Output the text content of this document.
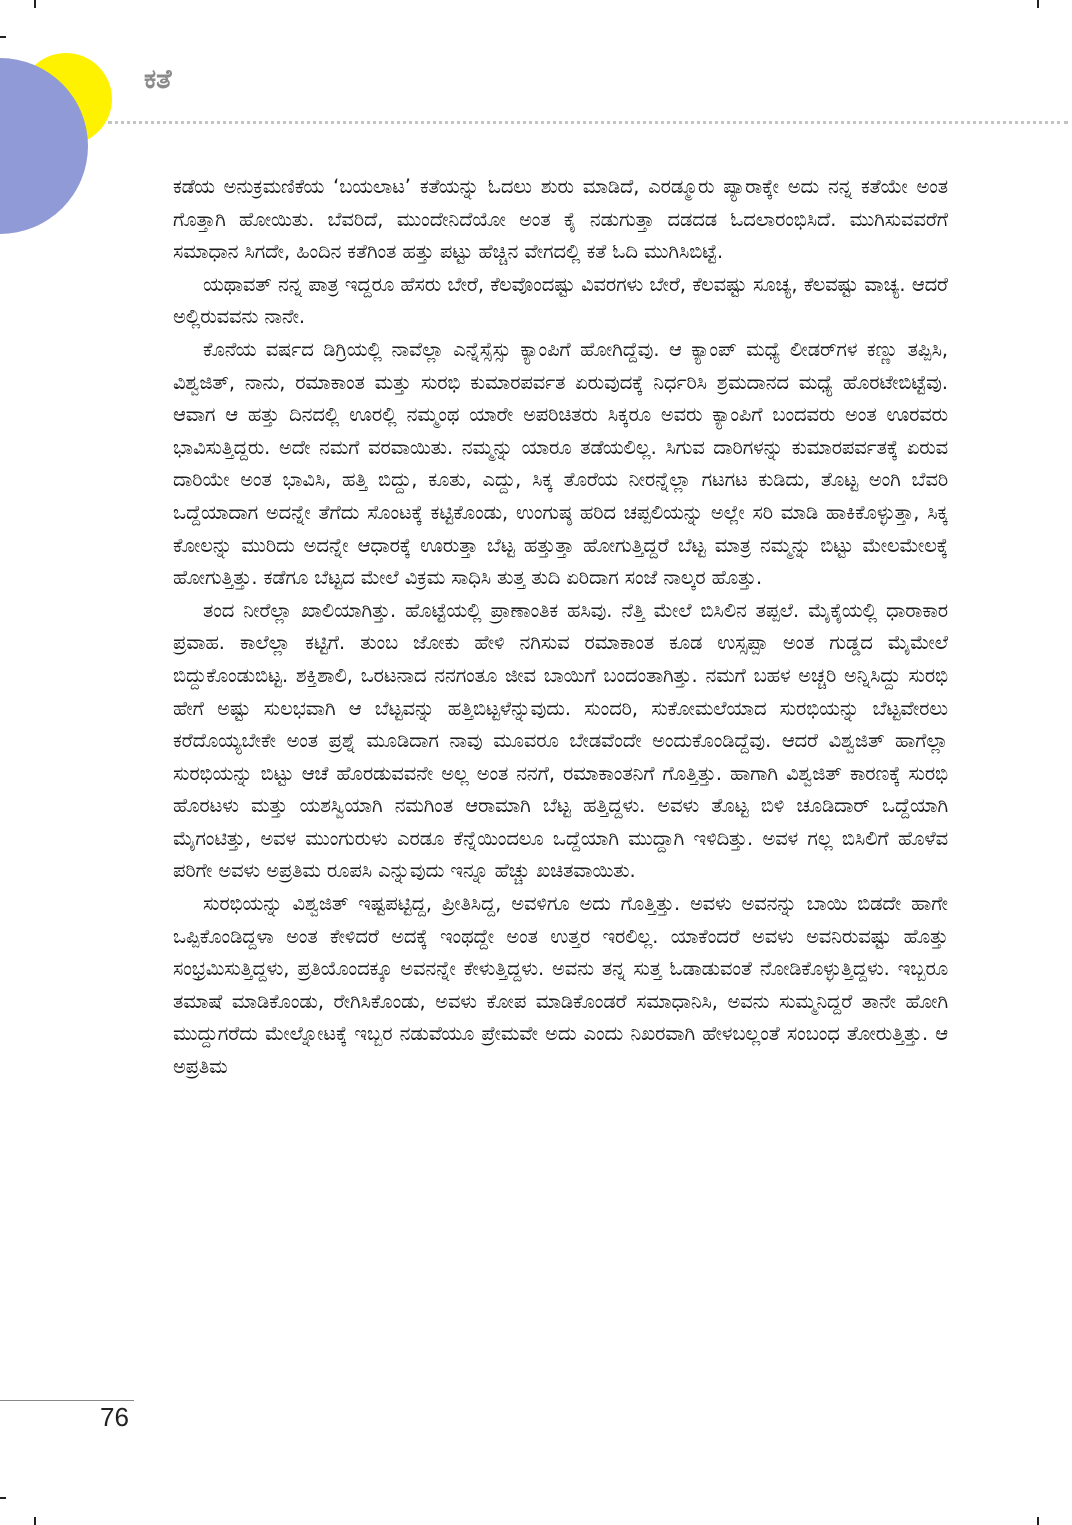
ಕತೆ

ಕಡೆಯ ಅನುಕ್ರಮಣಿಕೆಯ ‘ಬಯಲಾಟ’ ಕತೆಯನ್ನು ಓದಲು ಶುರು ಮಾಡಿದೆ, ಎರಡ್ಮೂರು ಪ್ಯಾರಾಕ್ಕೇ ಅದು ನನ್ನ ಕತೆಯೇ ಅಂತ ಗೊತ್ತಾಗಿ ಹೋಯಿತು. ಬೆವರಿದೆ, ಮುಂದೇನಿದೆಯೋ ಅಂತ ಕೈ ನಡುಗುತ್ತಾ ದಡದಡ ಓದಲಾರಂಭಿಸಿದೆ. ಮುಗಿಸುವವರೆಗೆ ಸಮಾಧಾನ ಸಿಗದೇ, ಹಿಂದಿನ ಕತೆಗಿಂತ ಹತ್ತು ಪಟ್ಟು ಹೆಚ್ಚಿನ ವೇಗದಲ್ಲಿ ಕತೆ ಓದಿ ಮುಗಿಸಿಬಿಟ್ಟೆ.

ಯಥಾವತ್ ನನ್ನ ಪಾತ್ರ ಇದ್ದರೂ ಹೆಸರು ಬೇರೆ, ಕೆಲವೊಂದಷ್ಟು ವಿವರಗಳು ಬೇರೆ, ಕೆಲವಷ್ಟು ಸೂಚ್ಯ, ಕೆಲವಷ್ಟು ವಾಚ್ಯ. ಆದರೆ ಅಲ್ಲಿರುವವನು ನಾನೇ.

ಕೊನೆಯ ವರ್ಷದ ಡಿಗ್ರಿಯಲ್ಲಿ ನಾವೆಲ್ಲಾ ಎನ್ನೆಸ್ಸೆಸ್ಸು ಕ್ಯಾಂಪಿಗೆ ಹೋಗಿದ್ದೆವು. ಆ ಕ್ಯಾಂಪ್ ಮಧ್ಯೆ ಲೀಡರ್‌ಗಳ ಕಣ್ಣು ತಪ್ಪಿಸಿ, ವಿಶ್ವಜಿತ್, ನಾನು, ರಮಾಕಾಂತ ಮತ್ತು ಸುರಭಿ ಕುಮಾರಪರ್ವತ ಏರುವುದಕ್ಕೆ ನಿರ್ಧರಿಸಿ ಶ್ರಮದಾನದ ಮಧ್ಯೆ ಹೊರಟೇಬಿಟ್ಟೆವು. ಆವಾಗ ಆ ಹತ್ತು ದಿನದಲ್ಲಿ ಊರಲ್ಲಿ ನಮ್ಮಂಥ ಯಾರೇ ಅಪರಿಚಿತರು ಸಿಕ್ಕರೂ ಅವರು ಕ್ಯಾಂಪಿಗೆ ಬಂದವರು ಅಂತ ಊರವರು ಭಾವಿಸುತ್ತಿದ್ದರು. ಅದೇ ನಮಗೆ ವರವಾಯಿತು. ನಮ್ಮನ್ನು ಯಾರೂ ತಡೆಯಲಿಲ್ಲ. ಸಿಗುವ ದಾರಿಗಳನ್ನು ಕುಮಾರಪರ್ವತಕ್ಕೆ ಏರುವ ದಾರಿಯೇ ಅಂತ ಭಾವಿಸಿ, ಹತ್ತಿ ಬಿದ್ದು, ಕೂತು, ಎದ್ದು, ಸಿಕ್ಕ ತೊರೆಯ ನೀರನ್ನೆಲ್ಲಾ ಗಟಗಟ ಕುಡಿದು, ತೊಟ್ಟ ಅಂಗಿ ಬೆವರಿ ಒದ್ದೆಯಾದಾಗ ಅದನ್ನೇ ತೆಗೆದು ಸೊಂಟಕ್ಕೆ ಕಟ್ಟಿಕೊಂಡು, ಉಂಗುಷ್ಠ ಹರಿದ ಚಪ್ಪಲಿಯನ್ನು ಅಲ್ಲೇ ಸರಿ ಮಾಡಿ ಹಾಕಿಕೊಳ್ಳುತ್ತಾ, ಸಿಕ್ಕ ಕೋಲನ್ನು ಮುರಿದು ಅದನ್ನೇ ಆಧಾರಕ್ಕೆ ಊರುತ್ತಾ ಬೆಟ್ಟ ಹತ್ತುತ್ತಾ ಹೋಗುತ್ತಿದ್ದರೆ ಬೆಟ್ಟ ಮಾತ್ರ ನಮ್ಮನ್ನು ಬಿಟ್ಟು ಮೇಲಮೇಲಕ್ಕೆ ಹೋಗುತ್ತಿತ್ತು. ಕಡೆಗೂ ಬೆಟ್ಟದ ಮೇಲೆ ವಿಕ್ರಮ ಸಾಧಿಸಿ ತುತ್ತ ತುದಿ ಏರಿದಾಗ ಸಂಜೆ ನಾಲ್ಕರ ಹೊತ್ತು.

ತಂದ ನೀರೆಲ್ಲಾ ಖಾಲಿಯಾಗಿತ್ತು. ಹೊಟ್ಟೆಯಲ್ಲಿ ಪ್ರಾಣಾಂತಿಕ ಹಸಿವು. ನೆತ್ತಿ ಮೇಲೆ ಬಿಸಿಲಿನ ತಪ್ಪಲೆ. ಮೈಕೈಯಲ್ಲಿ ಧಾರಾಕಾರ ಪ್ರವಾಹ. ಕಾಲೆಲ್ಲಾ ಕಟ್ಟಿಗೆ. ತುಂಬ ಜೋಕು ಹೇಳಿ ನಗಿಸುವ ರಮಾಕಾಂತ ಕೂಡ ಉಸ್ಸಪ್ಪಾ ಅಂತ ಗುಡ್ಡದ ಮೈಮೇಲೆ ಬಿದ್ದುಕೊಂಡುಬಿಟ್ಟ. ಶಕ್ತಿಶಾಲಿ, ಒರಟನಾದ ನನಗಂತೂ ಜೀವ ಬಾಯಿಗೆ ಬಂದಂತಾಗಿತ್ತು. ನಮಗೆ ಬಹಳ ಅಚ್ಚರಿ ಅನ್ನಿಸಿದ್ದು ಸುರಭಿ ಹೇಗೆ ಅಷ್ಟು ಸುಲಭವಾಗಿ ಆ ಬೆಟ್ಟವನ್ನು ಹತ್ತಿಬಿಟ್ಟಳೆನ್ನುವುದು. ಸುಂದರಿ, ಸುಕೋಮಲೆಯಾದ ಸುರಭಿಯನ್ನು ಬೆಟ್ಟವೇರಲು ಕರೆದೊಯ್ಯಬೇಕೇ ಅಂತ ಪ್ರಶ್ನೆ ಮೂಡಿದಾಗ ನಾವು ಮೂವರೂ ಬೇಡವೆಂದೇ ಅಂದುಕೊಂಡಿದ್ದೆವು. ಆದರೆ ವಿಶ್ವಜಿತ್ ಹಾಗೆಲ್ಲಾ ಸುರಭಿಯನ್ನು ಬಿಟ್ಟು ಆಚೆ ಹೊರಡುವವನೇ ಅಲ್ಲ ಅಂತ ನನಗೆ, ರಮಾಕಾಂತನಿಗೆ ಗೊತ್ತಿತ್ತು. ಹಾಗಾಗಿ ವಿಶ್ವಜಿತ್ ಕಾರಣಕ್ಕೆ ಸುರಭಿ ಹೊರಟಳು ಮತ್ತು ಯಶಸ್ವಿಯಾಗಿ ನಮಗಿಂತ ಆರಾಮಾಗಿ ಬೆಟ್ಟ ಹತ್ತಿದ್ದಳು. ಅವಳು ತೊಟ್ಟ ಬಿಳಿ ಚೂಡಿದಾರ್ ಒದ್ದೆಯಾಗಿ ಮೈಗಂಟಿತ್ತು, ಅವಳ ಮುಂಗುರುಳು ಎರಡೂ ಕೆನ್ನೆಯಿಂದಲೂ ಒದ್ದೆಯಾಗಿ ಮುದ್ದಾಗಿ ಇಳಿದಿತ್ತು. ಅವಳ ಗಲ್ಲ ಬಿಸಿಲಿಗೆ ಹೊಳೆವ ಪರಿಗೇ ಅವಳು ಅಪ್ರತಿಮ ರೂಪಸಿ ಎನ್ನುವುದು ಇನ್ನೂ ಹೆಚ್ಚು ಖಚಿತವಾಯಿತು.

ಸುರಭಿಯನ್ನು ವಿಶ್ವಜಿತ್ ಇಷ್ಟಪಟ್ಟಿದ್ದ, ಪ್ರೀತಿಸಿದ್ದ, ಅವಳಿಗೂ ಅದು ಗೊತ್ತಿತ್ತು. ಅವಳು ಅವನನ್ನು ಬಾಯಿ ಬಿಡದೇ ಹಾಗೇ ಒಪ್ಪಿಕೊಂಡಿದ್ದಳಾ ಅಂತ ಕೇಳಿದರೆ ಅದಕ್ಕೆ ಇಂಥದ್ದೇ ಅಂತ ಉತ್ತರ ಇರಲಿಲ್ಲ. ಯಾಕೆಂದರೆ ಅವಳು ಅವನಿರುವಷ್ಟು ಹೊತ್ತು ಸಂಭ್ರಮಿಸುತ್ತಿದ್ದಳು, ಪ್ರತಿಯೊಂದಕ್ಕೂ ಅವನನ್ನೇ ಕೇಳುತ್ತಿದ್ದಳು. ಅವನು ತನ್ನ ಸುತ್ತ ಓಡಾಡುವಂತೆ ನೋಡಿಕೊಳ್ಳುತ್ತಿದ್ದಳು. ಇಬ್ಬರೂ ತಮಾಷೆ ಮಾಡಿಕೊಂಡು, ರೇಗಿಸಿಕೊಂಡು, ಅವಳು ಕೋಪ ಮಾಡಿಕೊಂಡರೆ ಸಮಾಧಾನಿಸಿ, ಅವನು ಸುಮ್ಮನಿದ್ದರೆ ತಾನೇ ಹೋಗಿ ಮುದ್ದುಗರೆದು ಮೇಲ್ನೋಟಕ್ಕೆ ಇಬ್ಬರ ನಡುವೆಯೂ ಪ್ರೇಮವೇ ಅದು ಎಂದು ನಿಖರವಾಗಿ ಹೇಳಬಲ್ಲಂತೆ ಸಂಬಂಧ ತೋರುತ್ತಿತ್ತು. ಆ ಅಪ್ರತಿಮ

76
